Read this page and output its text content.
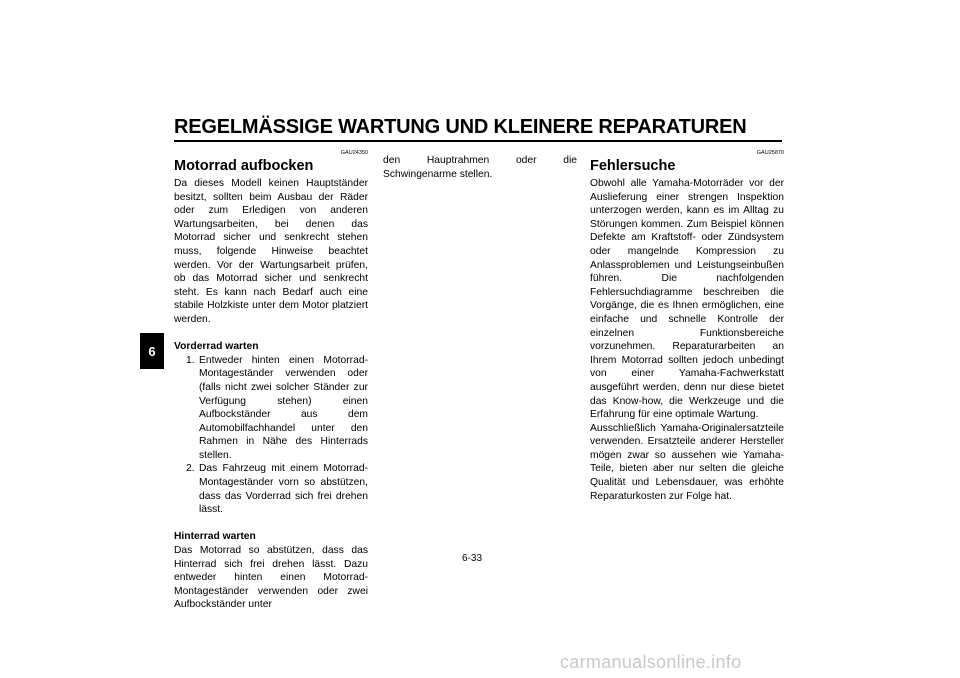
REGELMÄSSIGE WARTUNG UND KLEINERE REPARATUREN
6
GAU24350
Motorrad aufbocken

Da dieses Modell keinen Hauptständer besitzt, sollten beim Ausbau der Räder oder zum Erledigen von anderen Wartungsarbeiten, bei denen das Motorrad sicher und senkrecht stehen muss, folgende Hinweise beachtet werden. Vor der Wartungsarbeit prüfen, ob das Motorrad sicher und senkrecht steht. Es kann nach Bedarf auch eine stabile Holzkiste unter dem Motor platziert werden.

Vorderrad warten
1. Entweder hinten einen Motorrad-Montageständer verwenden oder (falls nicht zwei solcher Ständer zur Verfügung stehen) einen Aufbockständer aus dem Automobilfachhandel unter den Rahmen in Nähe des Hinterrads stellen.
2. Das Fahrzeug mit einem Motorrad-Montageständer vorn so abstützen, dass das Vorderrad sich frei drehen lässt.
Hinterrad warten

Das Motorrad so abstützen, dass das Hinterrad sich frei drehen lässt. Dazu entweder hinten einen Motorrad-Montageständer verwenden oder zwei Aufbockständer unter

den Hauptrahmen oder die Schwingenarme stellen.

GAU25870
Fehlersuche

Obwohl alle Yamaha-Motorräder vor der Auslieferung einer strengen Inspektion unterzogen werden, kann es im Alltag zu Störungen kommen. Zum Beispiel können Defekte am Kraftstoff- oder Zündsystem oder mangelnde Kompression zu Anlassproblemen und Leistungseinbußen führen. Die nachfolgenden Fehlersuchdiagramme beschreiben die Vorgänge, die es Ihnen ermöglichen, eine einfache und schnelle Kontrolle der einzelnen Funktionsbereiche vorzunehmen. Reparaturarbeiten an Ihrem Motorrad sollten jedoch unbedingt von einer Yamaha-Fachwerkstatt ausgeführt werden, denn nur diese bietet das Know-how, die Werkzeuge und die Erfahrung für eine optimale Wartung.

Ausschließlich Yamaha-Originalersatzteile verwenden. Ersatzteile anderer Hersteller mögen zwar so aussehen wie Yamaha-Teile, bieten aber nur selten die gleiche Qualität und Lebensdauer, was erhöhte Reparaturkosten zur Folge hat.

6-33
carmanualsonline.info
